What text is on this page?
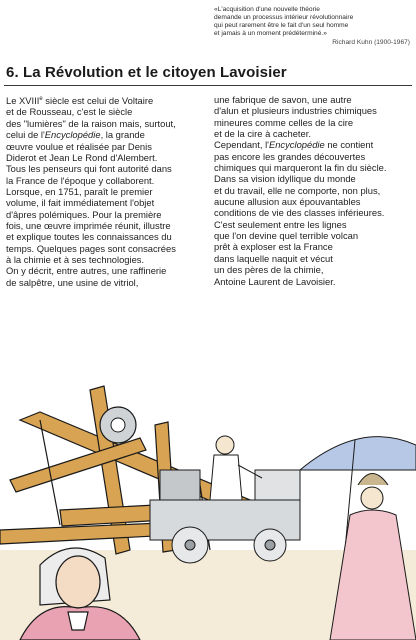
«L'acquisition d'une nouvelle théorie

demande un processus intérieur révolutionnaire

qui peut rarement être le fait d'un seul homme

et jamais à un moment prédéterminé.»

Richard Kuhn (1900-1967)

6. La Révolution et le citoyen Lavoisier
Le XVIIIe siècle est celui de Voltaire
et de Rousseau, c'est le siècle
des "lumières" de la raison mais, surtout,
celui de l'Encyclopédie, la grande
œuvre voulue et réalisée par Denis
Diderot et Jean Le Rond d'Alembert.
Tous les penseurs qui font autorité dans
la France de l'époque y collaborent.
Lorsque, en 1751, paraît le premier
volume, il fait immédiatement l'objet
d'âpres polémiques. Pour la première
fois, une œuvre imprimée réunit, illustre
et explique toutes les connaissances du
temps. Quelques pages sont consacrées
à la chimie et à ses technologies.
On y décrit, entre autres, une raffinerie
de salpêtre, une usine de vitriol,
une fabrique de savon, une autre
d'alun et plusieurs industries chimiques
mineures comme celles de la cire
et de la cire à cacheter.
Cependant, l'Encyclopédie ne contient
pas encore les grandes découvertes
chimiques qui marqueront la fin du siècle.
Dans sa vision idyllique du monde
et du travail, elle ne comporte, non plus,
aucune allusion aux épouvantables
conditions de vie des classes inférieures.
C'est seulement entre les lignes
que l'on devine quel terrible volcan
prêt à exploser est la France
dans laquelle naquit et vécut
un des pères de la chimie,
Antoine Laurent de Lavoisier.
